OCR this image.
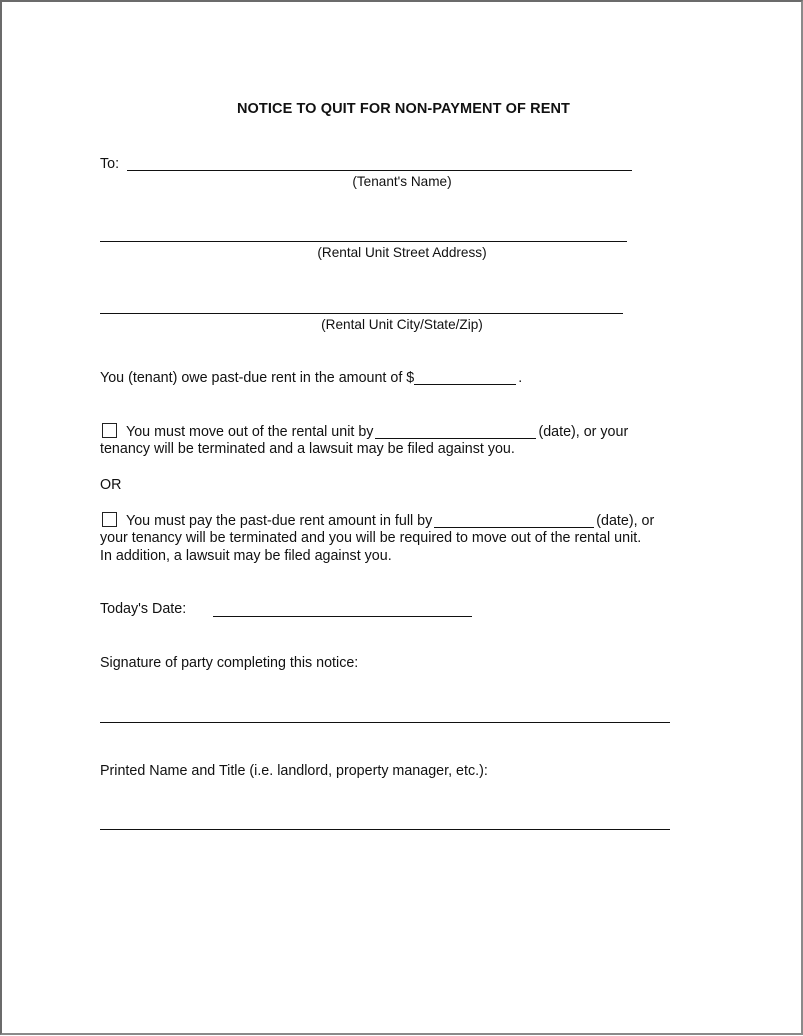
NOTICE TO QUIT FOR NON-PAYMENT OF RENT
To:
(Tenant's Name)
(Rental Unit Street Address)
(Rental Unit City/State/Zip)
You (tenant) owe past-due rent in the amount of $	.
You must move out of the rental unit by	(date), or your
tenancy will be terminated and a lawsuit may be filed against you.
OR
You must pay the past-due rent amount in full by	(date), or
your tenancy will be terminated and you will be required to move out of the rental unit.
In addition, a lawsuit may be filed against you.
Today's Date:
Signature of party completing this notice:
Printed Name and Title (i.e. landlord, property manager, etc.):
